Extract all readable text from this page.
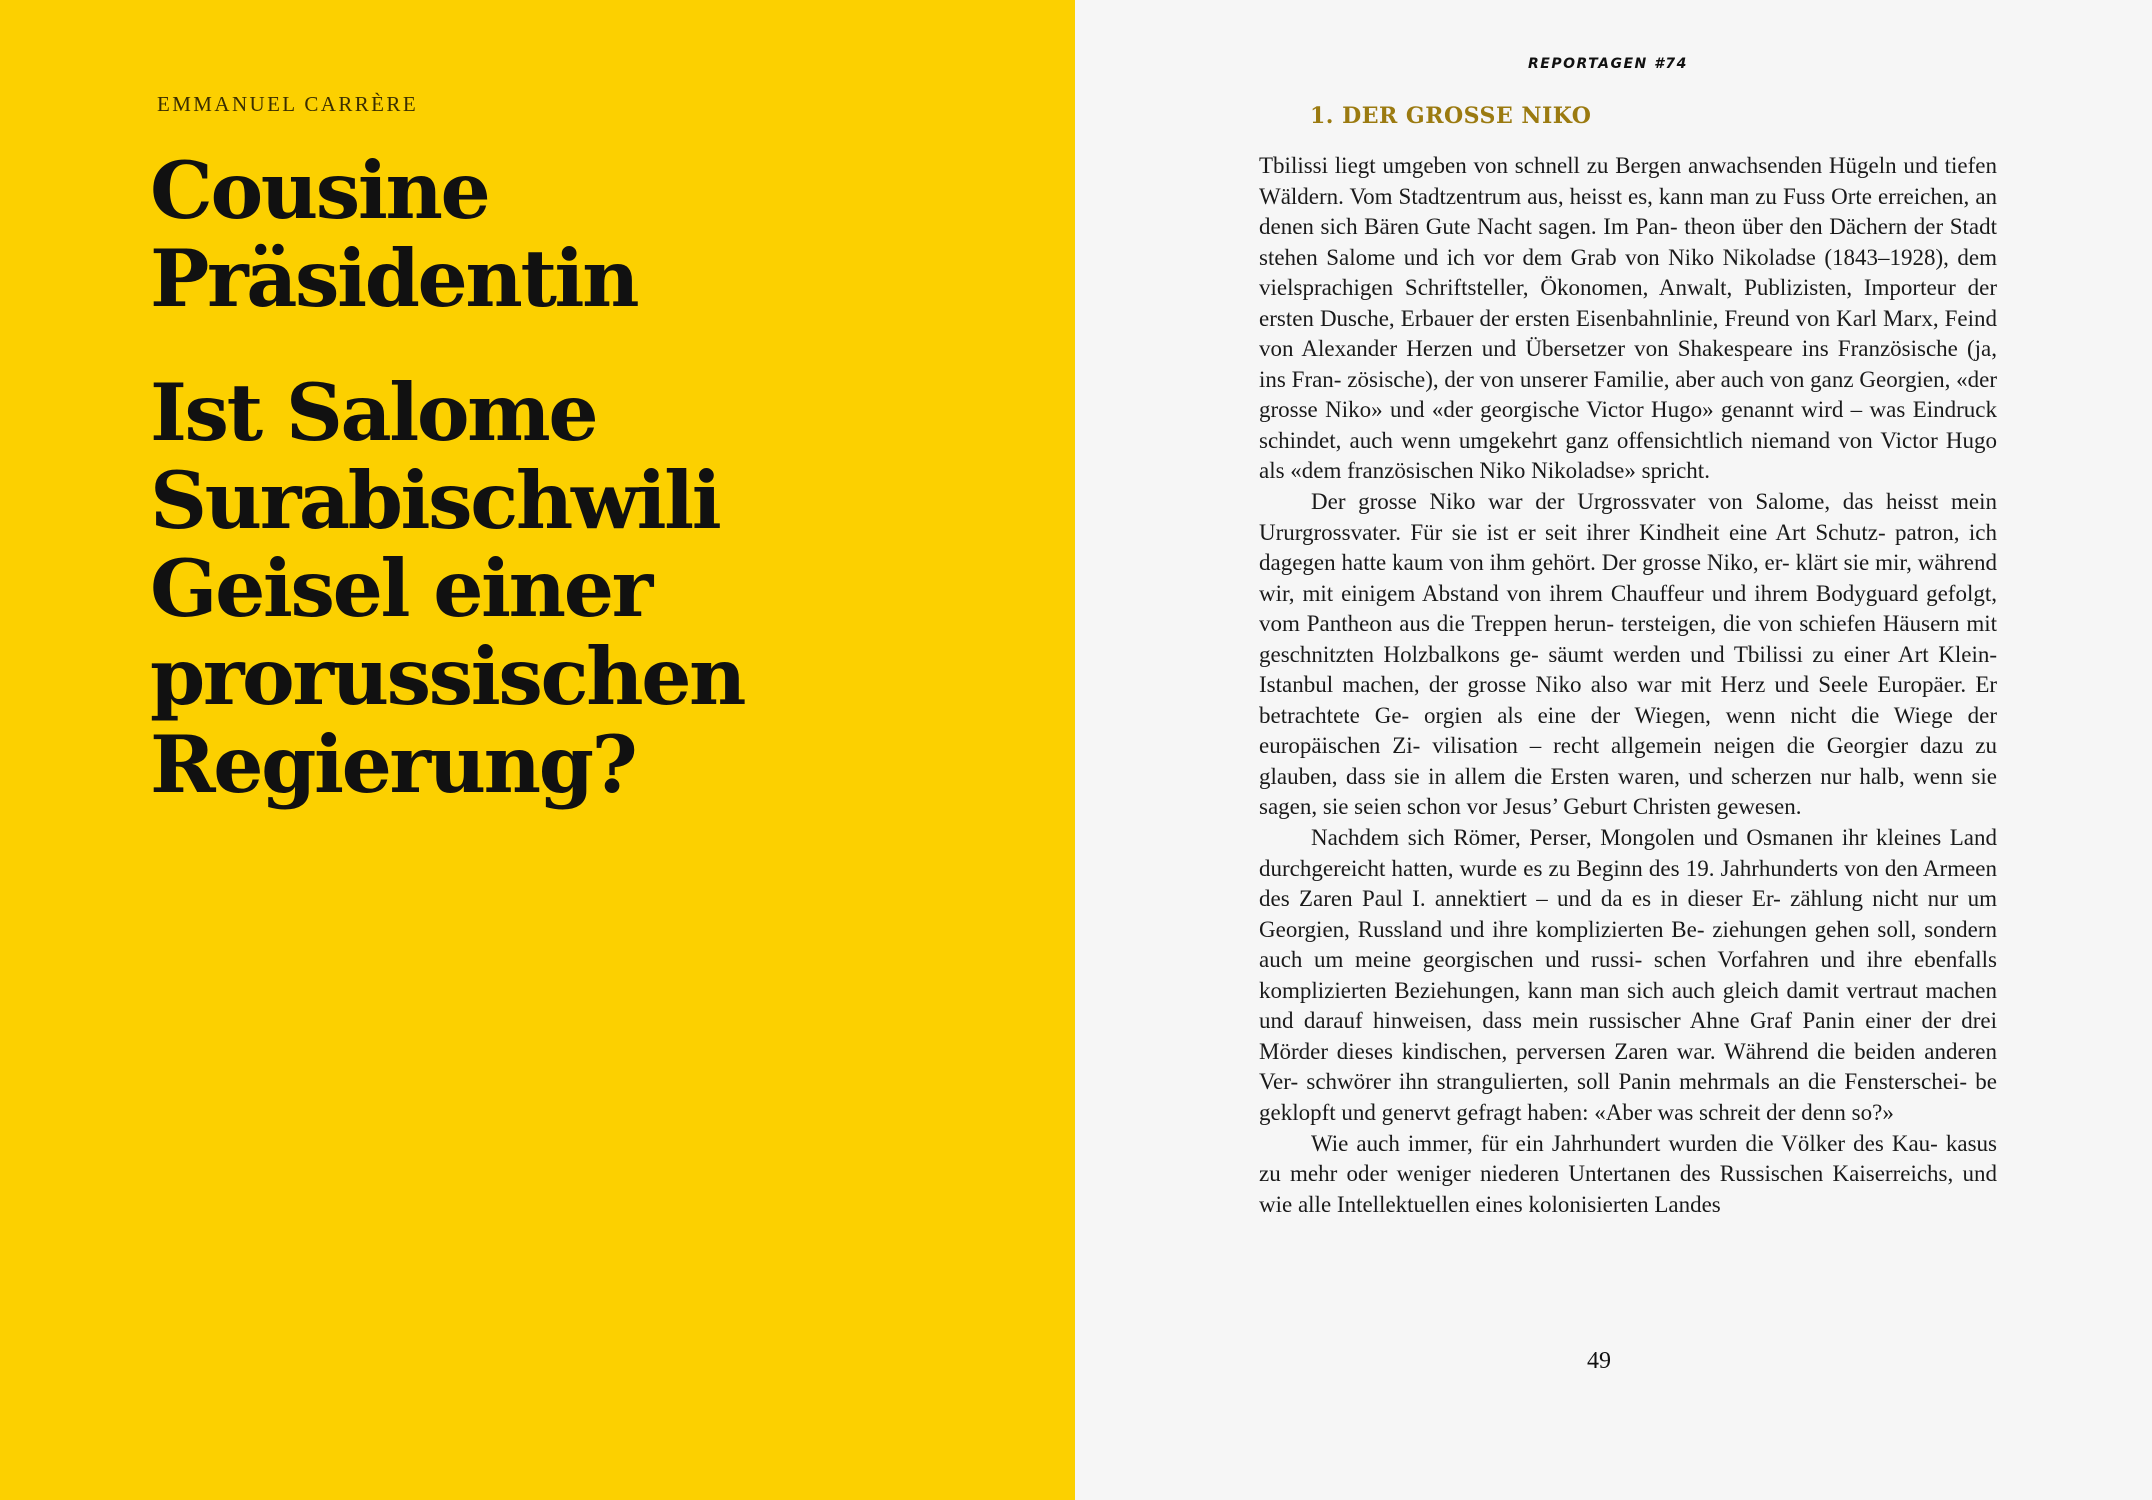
EMMANUEL CARRÈRE
Cousine
Präsidentin
Ist Salome
Surabischwili
Geisel einer
prorussischen
Regierung?
REPORTAGEN #74
1. DER GROSSE NIKO

Tbilissi liegt umgeben von schnell zu Bergen anwachsenden Hügeln und tiefen Wäldern. Vom Stadtzentrum aus, heisst es, kann man zu Fuss Orte erreichen, an denen sich Bären Gute Nacht sagen. Im Pan- theon über den Dächern der Stadt stehen Salome und ich vor dem Grab von Niko Nikoladse (1843–1928), dem vielsprachigen Schriftsteller, Ökonomen, Anwalt, Publizisten, Importeur der ersten Dusche, Erbauer der ersten Eisenbahnlinie, Freund von Karl Marx, Feind von Alexander Herzen und Übersetzer von Shakespeare ins Französische (ja, ins Fran- zösische), der von unserer Familie, aber auch von ganz Georgien, «der grosse Niko» und «der georgische Victor Hugo» genannt wird – was Eindruck schindet, auch wenn umgekehrt ganz offensichtlich niemand von Victor Hugo als «dem französischen Niko Nikoladse» spricht.

Der grosse Niko war der Urgrossvater von Salome, das heisst mein Ururgrossvater. Für sie ist er seit ihrer Kindheit eine Art Schutz- patron, ich dagegen hatte kaum von ihm gehört. Der grosse Niko, er- klärt sie mir, während wir, mit einigem Abstand von ihrem Chauffeur und ihrem Bodyguard gefolgt, vom Pantheon aus die Treppen herun- tersteigen, die von schiefen Häusern mit geschnitzten Holzbalkons ge- säumt werden und Tbilissi zu einer Art Klein-Istanbul machen, der grosse Niko also war mit Herz und Seele Europäer. Er betrachtete Ge- orgien als eine der Wiegen, wenn nicht die Wiege der europäischen Zi- vilisation – recht allgemein neigen die Georgier dazu zu glauben, dass sie in allem die Ersten waren, und scherzen nur halb, wenn sie sagen, sie seien schon vor Jesus’ Geburt Christen gewesen.

Nachdem sich Römer, Perser, Mongolen und Osmanen ihr kleines Land durchgereicht hatten, wurde es zu Beginn des 19. Jahrhunderts von den Armeen des Zaren Paul I. annektiert – und da es in dieser Er- zählung nicht nur um Georgien, Russland und ihre komplizierten Be- ziehungen gehen soll, sondern auch um meine georgischen und russi- schen Vorfahren und ihre ebenfalls komplizierten Beziehungen, kann man sich auch gleich damit vertraut machen und darauf hinweisen, dass mein russischer Ahne Graf Panin einer der drei Mörder dieses kindischen, perversen Zaren war. Während die beiden anderen Ver- schwörer ihn strangulierten, soll Panin mehrmals an die Fensterschei- be geklopft und genervt gefragt haben: «Aber was schreit der denn so?»

Wie auch immer, für ein Jahrhundert wurden die Völker des Kau- kasus zu mehr oder weniger niederen Untertanen des Russischen Kaiserreichs, und wie alle Intellektuellen eines kolonisierten Landes

49
